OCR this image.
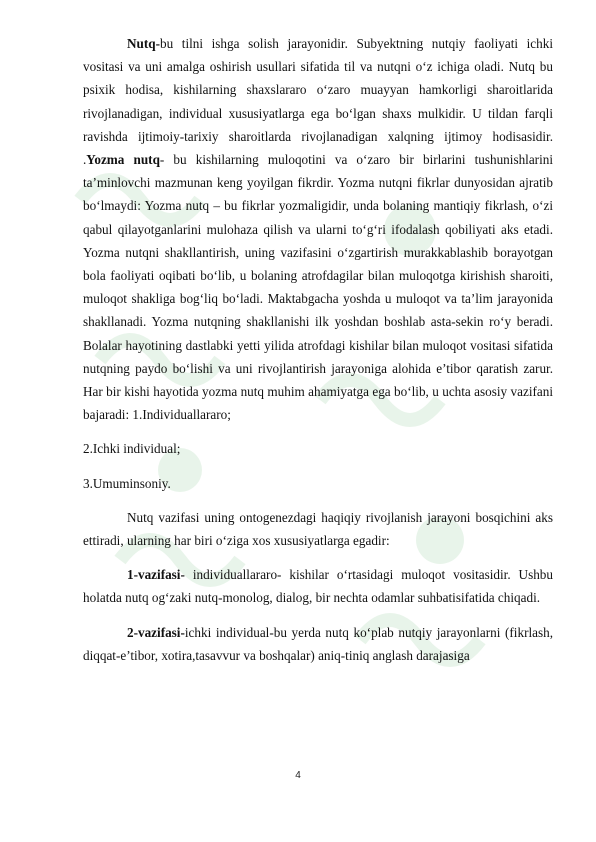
Nutq-bu tilni ishga solish jarayonidir. Subyektning nutqiy faoliyati ichki vositasi va uni amalga oshirish usullari sifatida til va nutqni o‘z ichiga oladi. Nutq bu psixik hodisa, kishilarning shaxslararo o‘zaro muayyan hamkorligi sharoitlarida rivojlanadigan, individual xususiyatlarga ega bo‘lgan shaxs mulkidir. U tildan farqli ravishda ijtimoiy-tarixiy sharoitlarda rivojlanadigan xalqning ijtimoy hodisasidir. .Yozma nutq- bu kishilarning muloqotini va o‘zaro bir birlarini tushunishlarini ta’minlovchi mazmunan keng yoyilgan fikrdir. Yozma nutqni fikrlar dunyosidan ajratib bo‘lmaydi: Yozma nutq – bu fikrlar yozmaligidir, unda bolaning mantiqiy fikrlash, o‘zi qabul qilayotganlarini mulohaza qilish va ularni to‘g‘ri ifodalash qobiliyati aks etadi. Yozma nutqni shakllantirish, uning vazifasini o‘zgartirish murakkablashib borayotgan bola faoliyati oqibati bo‘lib, u bolaning atrofdagilar bilan muloqotga kirishish sharoiti, muloqot shakliga bog‘liq bo‘ladi. Maktabgacha yoshda u muloqot va ta’lim jarayonida shakllanadi. Yozma nutqning shakllanishi ilk yoshdan boshlab asta-sekin ro‘y beradi. Bolalar hayotining dastlabki yetti yilida atrofdagi kishilar bilan muloqot vositasi sifatida nutqning paydo bo‘lishi va uni rivojlantirish jarayoniga alohida e’tibor qaratish zarur. Har bir kishi hayotida yozma nutq muhim ahamiyatga ega bo‘lib, u uchta asosiy vazifani bajaradi: 1.Individuallararo;

2.Ichki individual;

3.Umuminsoniy.

Nutq vazifasi uning ontogenezdagi haqiqiy rivojlanish jarayoni bosqichini aks ettiradi, ularning har biri o‘ziga xos xususiyatlarga egadir:

1-vazifasi- individuallararo- kishilar o‘rtasidagi muloqot vositasidir. Ushbu holatda nutq og‘zaki nutq-monolog, dialog, bir nechta odamlar suhbatisifatida chiqadi.

2-vazifasi-ichki individual-bu yerda nutq ko‘plab nutqiy jarayonlarni (fikrlash, diqqat-e’tibor, xotira,tasavvur va boshqalar) aniq-tiniq anglash darajasiga

4
